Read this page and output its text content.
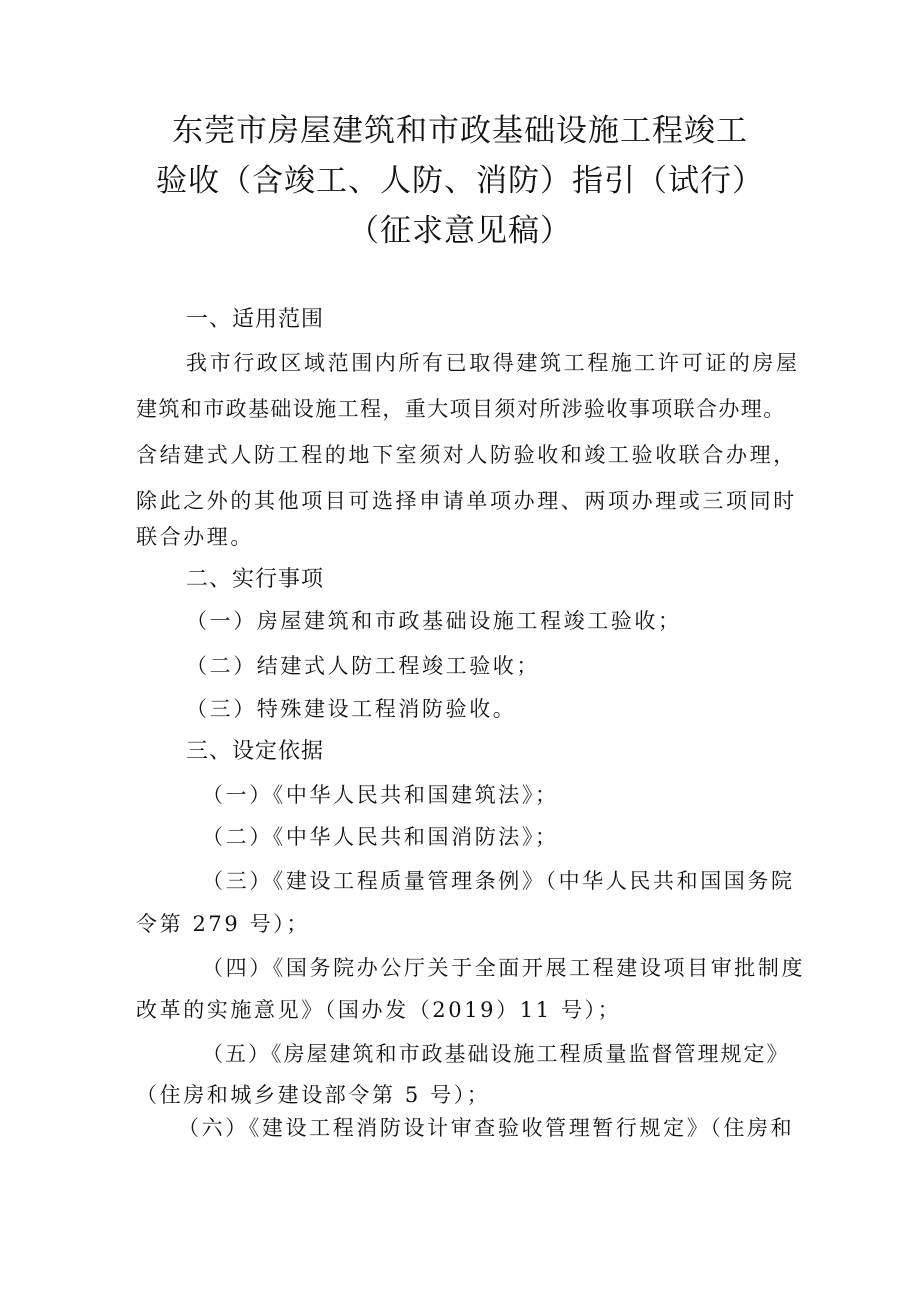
东莞市房屋建筑和市政基础设施工程竣工
验收（含竣工、人防、消防）指引（试行）
（征求意见稿）
一、适用范围
我市行政区域范围内所有已取得建筑工程施工许可证的房屋
建筑和市政基础设施工程，重大项目须对所涉验收事项联合办理。
含结建式人防工程的地下室须对人防验收和竣工验收联合办理，
除此之外的其他项目可选择申请单项办理、两项办理或三项同时
联合办理。
二、实行事项
（一）房屋建筑和市政基础设施工程竣工验收；
（二）结建式人防工程竣工验收；
（三）特殊建设工程消防验收。
三、设定依据
（一）《中华人民共和国建筑法》；
（二）《中华人民共和国消防法》；
（三）《建设工程质量管理条例》（中华人民共和国国务院
令第 279 号）；
（四）《国务院办公厅关于全面开展工程建设项目审批制度
改革的实施意见》（国办发（2019）11 号）；
（五）《房屋建筑和市政基础设施工程质量监督管理规定》
（住房和城乡建设部令第 5 号）；
（六）《建设工程消防设计审查验收管理暂行规定》（住房和
